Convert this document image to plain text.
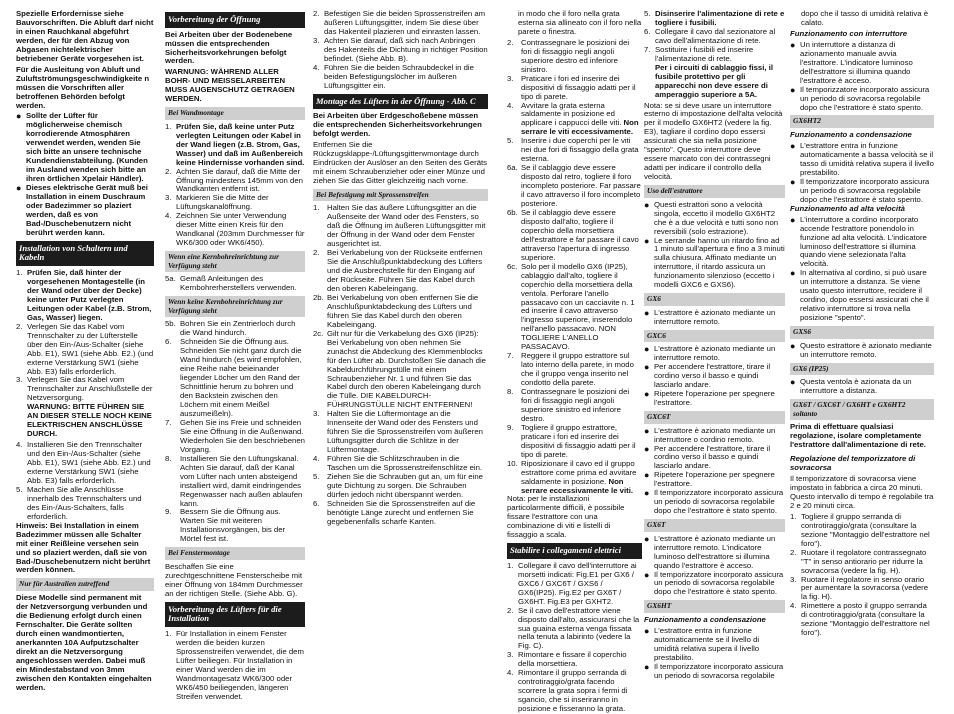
Spezielle Erfordernisse siehe Bauvorschriften. Die Abluft darf nicht in einen Rauchkanal abgeführt werden, der für den Abzug von Abgasen nichtelektrischer betriebener Geräte vorgesehen ist.

Für die Ausleitung von Abluft und Zuluftströmungsgeschwindigkeite n müssen die Vorschriften aller betroffenen Behörden befolgt werden.

● Sollte der Lüfter für möglicherweise chemisch korrodierende Atmosphären verwendet werden, wenden Sie sich bitte an unsere technische Kundendienstabteilung. (Kunden im Ausland wenden sich bitte an ihren örtlichen Xpelair Händler).
● Dieses elektrische Gerät muß bei Installation in einem Duschraum oder Badezimmer so plaziert werden, daß es von Bad-/Duschebenutzern nicht berührt werden kann.
Installation von Schaltern und Kabeln
1. Prüfen Sie, daß hinter der vorgesehenen Montagestelle (in der Wand oder über der Decke) keine unter Putz verlegten Leitungen oder Kabel (z.B. Strom, Gas, Wasser) liegen.
2. Verlegen Sie das Kabel vom Trennschalter zu der Lüfterstelle über den Ein-/Aus-Schalter (siehe Abb. E1), SW1 (siehe Abb. E2.) (und externe Verstärkung SW1 (siehe Abb. E3) falls erforderlich.
3. Verlegen Sie das Kabel vom Trennschalter zur Anschlußstelle der Netzversorgung.

WARNUNG: BITTE FÜHREN SIE AN DIESER STELLE NOCH KEINE ELEKTRISCHEN ANSCHLÜSSE DURCH.

4. Installieren Sie den Trennschalter und den Ein-/Aus-Schalter (siehe Abb. E1), SW1 (siehe Abb. E2.) und externe Verstärkung SW1 (siehe Abb. E3) falls erforderlich.
5. Machen Sie alle Anschlüsse innerhalb des Trennschalters und des Ein-/Aus-Schalters, falls erforderlich.

Hinweis: Bei Installation in einem Badezimmer müssen alle Schalter mit einer Reißleine versehen sein und so plaziert werden, daß sie von Bad-/Duschebenutzern nicht berührt werden können.

Nur für Australien zutreffend

Diese Modelle sind permanent mit der Netzversorgung verbunden und die Bedienung erfolgt durch einen Fernschalter. Die Geräte sollten durch einen wandmontierten, anerkannten 10A Aufputzschalter direkt an die Netzversorgung angeschlossen werden. Dabei muß ein Mindestabstand von 3mm zwischen den Kontakten eingehalten werden.

Vorbereitung der Öffnung

Bei Arbeiten über der Bodenebene müssen die entsprechenden Sicherheitsvorkehrungen befolgt werden.

WARNUNG: WÄHREND ALLER BOHR- UND MEISSELARBEITEN MUSS AUGENSCHUTZ GETRAGEN WERDEN.

Bei Wandmontage
1. Prüfen Sie, daß keine unter Putz verlegten Leitungen oder Kabel in der Wand liegen (z.B. Strom, Gas, Wasser) und daß im Außenbereich keine Hindernisse vorhanden sind.
2. Achten Sie darauf, daß die Mitte der Öffnung mindestens 145mm von den Wandkanten entfernt ist.
3. Markieren Sie die Mitte der Lüftungskanalöffnung.
4. Zeichnen Sie unter Verwendung dieser Mitte einen Kreis für den Wandkanal (203mm Durchmesser für WK6/300 oder WK6/450).
Wenn eine Kernbohreinrichtung zur Verfügung steht
5a. Gemäß Anleitungen des Kernbohrerherstellers verwenden.
Wenn keine Kernbohreinrichtung zur Verfügung steht
5b. Bohren Sie ein Zentrierloch durch die Wand hindurch.
6.	Schneiden Sie die Öffnung aus. Schneiden Sie nicht ganz durch die Wand hindurch (es wird empfohlen, eine Reihe nahe beieinander liegender Löcher um den Rand der Schnittlinie herum zu bohren und den Backstein zwischen den Löchern mit einem Meißel auszumeißeln).
7.	Gehen Sie ins Freie und schneiden Sie eine Öffnung in die Außenwand. Wiederholen Sie den beschriebenen Vorgang.
8.	Installieren Sie den Lüftungskanal. Achten Sie darauf, daß der Kanal vom Lüfter nach unten absteigend installiert wird, damit eindringendes Regenwasser nach außen ablaufen kann.
9.	Bessern Sie die Öffnung aus. Warten Sie mit weiteren Installationsvorgängen, bis der Mörtel fest ist.
Bei Fenstermontage

Beschaffen Sie eine zurechtgeschnittene Fensterscheibe mit einer Öffnung von 184mm Durchmesser an der richtigen Stelle. (Siehe Abb. G).

Vorbereitung des Lüfters für die Installation
1. Für Installation in einem Fenster werden die beiden kurzen Sprossenstreifen verwendet, die dem Lüfter beiliegen. Für Installation in einer Wand werden die im Wandmontagesatz WK6/300 oder WK6/450 beiliegenden, längeren Streifen verwendet.
2. Befestigen Sie die beiden Sprossenstreifen am äußeren Lüftungsgitter, indem Sie diese über das Hakenteil plazieren und einrasten lassen.
3. Achten Sie darauf, daß sich nach Anbringen des Hakenteils die Dichtung in richtiger Position befindet. (Siehe Abb. B).
4. Führen Sie die beiden Schraubdeckel in die beiden Befestigungslöcher im äußeren Lüftungsgitter ein.
Montage des Lüfters in der Öffnung - Abb. C

Bei Arbeiten über Erdgeschoßebene müssen die entsprechenden Sicherheitsvorkehrungen befolgt werden.

Entfernen Sie die Rückzugsklappe-/Lüftungsgitterwmontage durch Eindrücken der Auslöser an den Seiten des Geräts mit einem Schraubenzieher oder einer Münze und ziehen Sie das Gitter gleichzeitig nach vorne.

Bei Befestigung mit Sprossenstreifen
1. Halten Sie das äußere Lüftungsgitter an die Außenseite der Wand oder des Fensters, so daß die Öffnung im äußeren Lüftungsgitter mit der Öffnung in der Wand oder dem Fenster ausgerichtet ist.
2. Bei Verkabelung von der Rückseite entfernen Sie die Anschlußpunktabdeckung des Lüfters und die Ausbrechstelle für den Eingang auf der Rückseite. Führen Sie das Kabel durch den oberen Kabeleingang.
2b. Bei Verkabelung von oben entfernen Sie die Anschlußpunktabdeckung des Lüfters und führen Sie das Kabel durch den oberen Kabeleingang.
2c. Gilt nur für die Verkabelung des GX6 (IP25): Bei Verkabelung von oben nehmen Sie zunächst die Abdeckung des Klemmenblocks für den Lüfter ab. Durchstoßen Sie danach die Kabeldurchführungstülle mit einem Schraubenzieher Nr. 1 und führen Sie das Kabel durch den oberen Kabeleingang durch die Tülle. DIE KABELDURCH-FÜHRUNGSTÜLLE NICHT ENTFERNEN!
3. Halten Sie die Lüftermontage an die Innenseite der Wand oder des Fensters und führen Sie die Sprossenstreifen vom äußeren Lüftungsgitter durch die Schlitze in der Lüftermontage.
4. Führen Sie die Schlitzschrauben in die Taschen um die Sprossenstreifenschlitze ein.
5. Ziehen Sie die Schrauben gut an, um für eine gute Dichtung zu sorgen. Die Schrauben dürfen jedoch nicht überspannt werden.
6. Schneiden Sie die Sprossenstreifen auf die benötigte Länge zurecht und entfernen Sie gegebenenfalls scharfe Kanten.

in modo che il foro nella grata esterna sia allineato con il foro nella parete o finestra.

2. Contrassegnare le posizioni dei fori di fissaggio negli angoli superiore destro ed inferiore sinistro.
3. Praticare i fori ed inserire dei dispositivi di fissaggio adatti per il tipo di parete.
4. Avvitare la grata esterna saldamente in posizione ed applicare i cappucci delle viti. Non serrare le viti eccessivamente.
5. Inserire i due coperchi per le viti nei due fori di fissaggio della grata esterna.
6a. Se il cablaggio deve essere disposto dal retro, togliere il foro incompleto posteriore. Far passare il cavo attraverso il foro incompleto posteriore.
6b. Se il cablaggio deve essere disposto dall'alto, togliere il coperchio della morsettiera dell'estrattore e far passare il cavo attraverso l'apertura di ingresso superiore.
6c. Solo per il modello GX6 (IP25), cablaggio dall'alto, togliere il coperchio della morsettiera della ventola. Perforare l'anello passacavo con un cacciavite n. 1 ed inserire il cavo attraverso l'ingresso superiore, inserendolo nell'anello passacavo. NON TOGLIERE L'ANELLO PASSACAVO.
7. Reggere il gruppo estrattore sul lato interno della parete, in modo che il gruppo venga inserito nel condotto della parete.
8. Contrassegnare le posizioni dei fori di fissaggio negli angoli superiore sinistro ed inferiore destro.
9. Togliere il gruppo estrattore, praticare i fori ed inserire dei dispositivi di fissaggio adatti per il tipo di parete.
10. Riposizionare il cavo ed il gruppo estrattore come prima ed avvitare saldamente in posizione. Non serrare eccessivamente le viti.

Nota: per le installazioni particolarmente difficili, è possibile fissare l'estrattore con una combinazione di viti e listelli di fissaggio a scala.

Stabilire i collegamenti elettrici
1. Collegare il cavo dell'interruttore ai morsetti indicati: Fig.E1 per GX6 / GXC6 / GXC6T / GXS6 / GX6(IP25). Fig.E2 per GX6T / GX6HT. Fig.E3 per GXHT2.
2. Se il cavo dell'estrattore viene disposto dall'alto, assicurarsi che la sua guaina esterna venga fissata nella tenuta a labirinto (vedere la Fig. C).
3. Rimontare e fissare il coperchio della morsettiera.
4. Rimontare il gruppo serranda di controtiraggio/grata facendo scorrere la grata sopra i fermi di sgancio, che si inseriranno in posizione e fisseranno la grata.
5. Disinserire l'alimentazione di rete e togliere i fusibili.
6. Collegare il cavo dal sezionatore al cavo dell'alimentazione di rete.
7. Sostituire i fusibili ed inserire l'alimentazione di rete.

Per i circuiti di cablaggio fissi, il fusibile protettivo per gli apparecchi non deve essere di amperaggio superiore a 5A.

Nota: se si deve usare un interruttore esterno di impostazione dell'alta velocità per il modello GX6HT2 (vedere la fig. E3), tagliare il cordino dopo essersi assicurati che sia nella posizione "spento". Questo interruttore deve essere marcato con dei contrassegni adatti per indicare il controllo della velocità.

Uso dell'estrattore
● Questi estrattori sono a velocità singola, eccetto il modello GX6HT2 che è a due velocità e tutti sono non reversibili (solo estrazione).
● Le serrande hanno un ritardo fino ad 1 minuto sull'apertura e fino a 3 minuti sulla chiusura. Affinato mediante un interruttore, il ritardo assicura un funzionamento silenzioso (eccetto i modelli GXC6 e GXS6).
GX6
● L'estrattore è azionato mediante un interruttore remoto.
GXC6
● L'estrattore è azionato mediante un interruttore remoto.
● Per accendere l'estrattore, tirare il cordino verso il basso e quindi lasciarlo andare.
● Ripetere l'operazione per spegnere l'estrattore.
GXC6T
● L'estrattore è azionato mediante un interruttore o cordino remoto.
● Per accendere l'estrattore, tirare il cordino verso il basso e quindi lasciarlo andare.
● Ripetere l'operazione per spegnere l'estrattore.
● Il temporizzatore incorporato assicura un periodo di sovracorsa regolabile dopo che l'estrattore è stato spento.
GX6T
● L'estrattore è azionato mediante un interruttore remoto. L'indicatore luminoso dell'estrattore si illumina quando l'estrattore è acceso.
● Il temporizzatore incorporato assicura un periodo di sovracorsa regolabile dopo che l'estrattore è stato spento.
GX6HT

Funzionamento a condensazione

● L'estrattore entra in funzione automaticamente se il livello di umidità relativa supera il livello prestabilito.
● Il temporizzatore incorporato assicura un periodo di sovracorsa regolabile

dopo che il tasso di umidità relativa è calato.

Funzionamento con interruttore

● Un interruttore a distanza di azionamento manuale avvia l'estrattore. L'indicatore luminoso dell'estrattore si illumina quando l'estrattore è acceso.
● Il temporizzatore incorporato assicura un periodo di sovracorsa regolabile dopo che l'estrattore è stato spento.
GX6HT2

Funzionamento a condensazione

● L'estrattore entra in funzione automaticamente a bassa velocità se il tasso di umidità relativa supera il livello prestabilito.
● Il temporizzatore incorporato assicura un periodo di sovracorsa regolabile dopo che l'estrattore è stato spento.

Funzionamento ad alta velocità

● L'interruttore a cordino incorporato accende l'estrattore ponendolo in funzione ad alta velocità. L'indicatore luminoso dell'estrattore si illumina quando viene selezionata l'alta velocità.
● In alternativa al cordino, si può usare un interruttore a distanza. Se viene usato questo interruttore, recidere il cordino, dopo essersi assicurati che il relativo interruttore si trova nella posizione "spento".
GXS6
● Questo estrattore è azionato mediante un interruttore remoto.
GX6 (IP25)
● Questa ventola è azionata da un interruttore a distanza.
GX6T / GXC6T / GX6HT e GX6HT2 soltanto

Prima di effettuare qualsiasi regolazione, isolare completamente l'estrattore dall'alimentazione di rete.

Regolazione del temporizzatore di sovracorsa

Il temporizzatore di sovracorsa viene impostato in fabbrica a circa 20 minuti. Questo intervallo di tempo è regolabile tra 2 e 20 minuti circa.

1. Togliere il gruppo serranda di controtiraggio/grata (consultare la sezione "Montaggio dell'estrattore nel foro").
2. Ruotare il regolatore contrassegnato "T" in senso antiorario per ridurre la sovracorsa (vedere la fig. H).
3. Ruotare il regolatore in senso orario per aumentare la sovracorsa (vedere la fig. H).
4. Rimettere a posto il gruppo serranda di controtiraggio/grata (consultare la sezione "Montaggio dell'estrattore nel foro").
